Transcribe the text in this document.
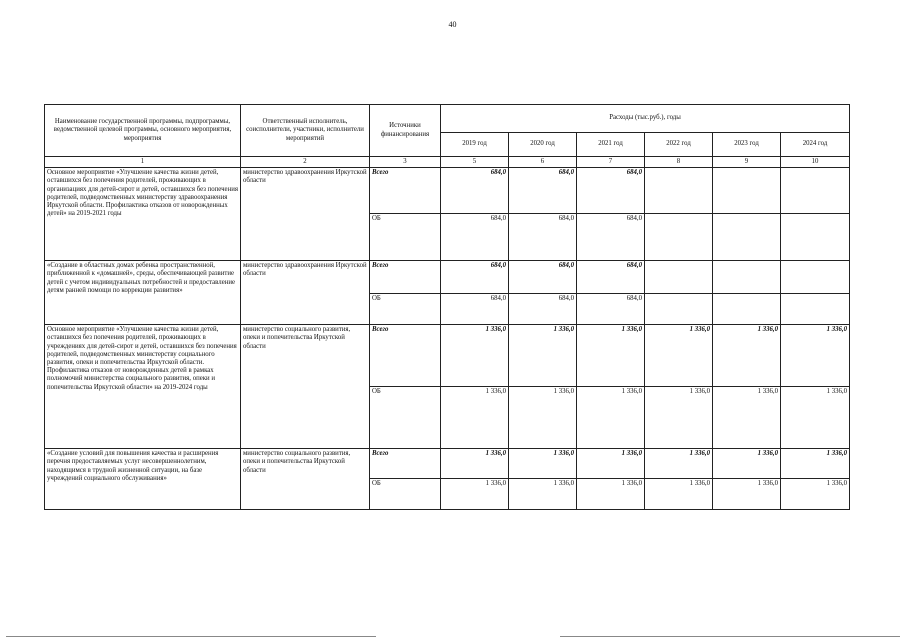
40
Наименование государственной программы, подпрограммы, ведомственной целевой программы, основного мероприятия, мероприятия	Ответственный исполнитель, соисполнители, участники, исполнители мероприятий	Источники финансирования	Расходы (тыс.руб.), годы					
			2019 год	2020 год	2021 год	2022 год	2023 год	2024 год
1	2	3	5	6	7	8	9	10
Основное мероприятие «Улучшение качества жизни детей, оставшихся без попечения родителей, проживающих в организациях для детей-сирот и детей, оставшихся без попечения родителей, подведомственных министерству здравоохранения Иркутской области. Профилактика отказов от новорожденных детей» на 2019-2021 годы	министерство здравоохранения Иркутской области	Всего	684,0	684,0	684,0			
		ОБ	684,0	684,0	684,0			
«Создание в областных домах ребенка пространственной, приближенной к «домашней», среды, обеспечивающей развитие детей с учетом индивидуальных потребностей и предоставление детям ранней помощи по коррекции развития»	министерство здравоохранения Иркутской области	Всего	684,0	684,0	684,0			
		ОБ	684,0	684,0	684,0			
Основное мероприятие «Улучшение качества жизни детей, оставшихся без попечения родителей, проживающих в учреждениях для детей-сирот и детей, оставшихся без попечения родителей, подведомственных министерству социального развития, опеки и попечительства Иркутской области. Профилактика отказов от новорожденных детей в рамках полномочий министерства социального развития, опеки и попечительства Иркутской области» на 2019-2024 годы	министерство социального развития, опеки и попечительства Иркутской области	Всего	1 336,0	1 336,0	1 336,0	1 336,0	1 336,0	1 336,0
		ОБ	1 336,0	1 336,0	1 336,0	1 336,0	1 336,0	1 336,0
«Создание условий для повышения качества и расширения перечня предоставляемых услуг несовершеннолетним, находящимся в трудной жизненной ситуации, на базе учреждений социального обслуживания»	министерство социального развития, опеки и попечительства Иркутской области	Всего	1 336,0	1 336,0	1 336,0	1 336,0	1 336,0	1 336,0
		ОБ	1 336,0	1 336,0	1 336,0	1 336,0	1 336,0	1 336,0
